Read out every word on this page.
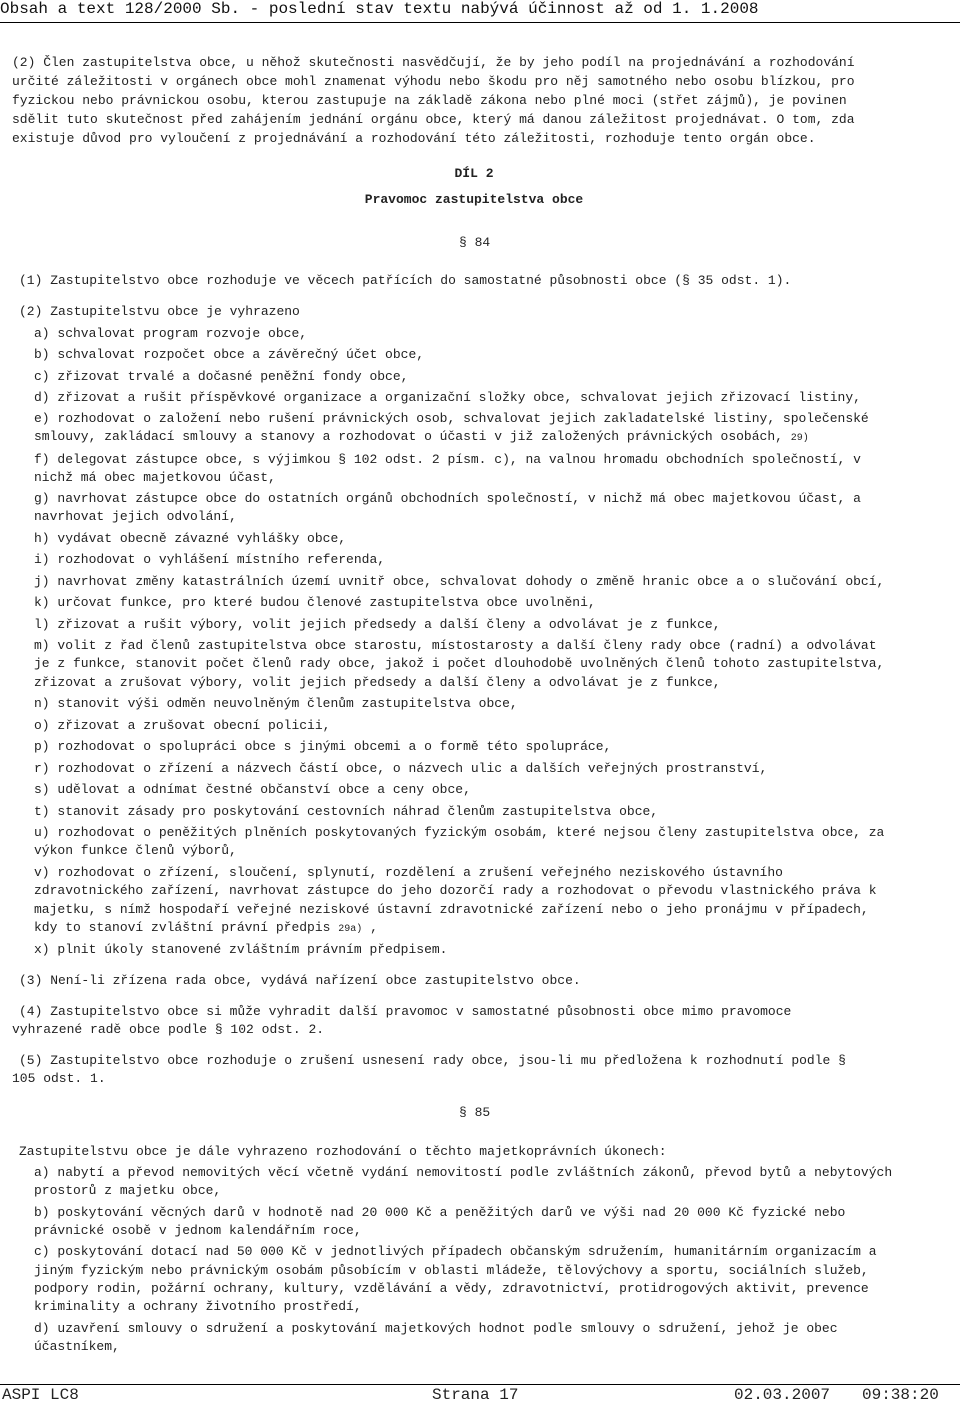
Obsah a text 128/2000 Sb. - poslední stav textu nabývá účinnost až od 1. 1.2008
(2) Člen zastupitelstva obce, u něhož skutečnosti nasvědčují, že by jeho podíl na projednávání a rozhodování
určité záležitosti v orgánech obce mohl znamenat výhodu nebo škodu pro něj samotného nebo osobu blízkou, pro
fyzickou nebo právnickou osobu, kterou zastupuje na základě zákona nebo plné moci (střet zájmů), je povinen
sdělit tuto skutečnost před zahájením jednání orgánu obce, který má danou záležitost projednávat. O tom, zda
existuje důvod pro vyloučení z projednávání a rozhodování této záležitosti, rozhoduje tento orgán obce.
DÍL 2
Pravomoc zastupitelstva obce
§ 84
(1) Zastupitelstvo obce rozhoduje ve věcech patřících do samostatné působnosti obce (§ 35 odst. 1).
(2) Zastupitelstvu obce je vyhrazeno
a) schvalovat program rozvoje obce,
b) schvalovat rozpočet obce a závěrečný účet obce,
c) zřizovat trvalé a dočasné peněžní fondy obce,
d) zřizovat a rušit příspěvkové organizace a organizační složky obce, schvalovat jejich zřizovací listiny,
e) rozhodovat o založení nebo rušení právnických osob, schvalovat jejich zakladatelské listiny, společenské
smlouvy, zakládací smlouvy a stanovy a rozhodovat o účasti v již založených právnických osobách, 29)
f) delegovat zástupce obce, s výjimkou § 102 odst. 2 písm. c), na valnou hromadu obchodních společností, v
nichž má obec majetkovou účast,
g) navrhovat zástupce obce do ostatních orgánů obchodních společností, v nichž má obec majetkovou účast, a
navrhovat jejich odvolání,
h) vydávat obecně závazné vyhlášky obce,
i) rozhodovat o vyhlášení místního referenda,
j) navrhovat změny katastrálních území uvnitř obce, schvalovat dohody o změně hranic obce a o slučování obcí,
k) určovat funkce, pro které budou členové zastupitelstva obce uvolněni,
l) zřizovat a rušit výbory, volit jejich předsedy a další členy a odvolávat je z funkce,
m) volit z řad členů zastupitelstva obce starostu, místostarosty a další členy rady obce (radní) a odvolávat
je z funkce, stanovit počet členů rady obce, jakož i počet dlouhodobě uvolněných členů tohoto zastupitelstva,
zřizovat a zrušovat výbory, volit jejich předsedy a další členy a odvolávat je z funkce,
n) stanovit výši odměn neuvolněným členům zastupitelstva obce,
o) zřizovat a zrušovat obecní policii,
p) rozhodovat o spolupráci obce s jinými obcemi a o formě této spolupráce,
r) rozhodovat o zřízení a názvech částí obce, o názvech ulic a dalších veřejných prostranství,
s) udělovat a odnímat čestné občanství obce a ceny obce,
t) stanovit zásady pro poskytování cestovních náhrad členům zastupitelstva obce,
u) rozhodovat o peněžitých plněních poskytovaných fyzickým osobám, které nejsou členy zastupitelstva obce, za
výkon funkce členů výborů,
v) rozhodovat o zřízení, sloučení, splynutí, rozdělení a zrušení veřejného neziskového ústavního
zdravotnického zařízení, navrhovat zástupce do jeho dozorčí rady a rozhodovat o převodu vlastnického práva k
majetku, s nímž hospodaří veřejné neziskové ústavní zdravotnické zařízení nebo o jeho pronájmu v případech,
kdy to stanoví zvláštní právní předpis 29a) ,
x) plnit úkoly stanovené zvláštním právním předpisem.
(3) Není-li zřízena rada obce, vydává nařízení obce zastupitelstvo obce.
(4) Zastupitelstvo obce si může vyhradit další pravomoc v samostatné působnosti obce mimo pravomoce
vyhrazené radě obce podle § 102 odst. 2.
(5) Zastupitelstvo obce rozhoduje o zrušení usnesení rady obce, jsou-li mu předložena k rozhodnutí podle §
105 odst. 1.
§ 85
Zastupitelstvu obce je dále vyhrazeno rozhodování o těchto majetkoprávních úkonech:
a) nabytí a převod nemovitých věcí včetně vydání nemovitostí podle zvláštních zákonů, převod bytů a nebytových
prostorů z majetku obce,
b) poskytování věcných darů v hodnotě nad 20 000 Kč a peněžitých darů ve výši nad 20 000 Kč fyzické nebo
právnické osobě v jednom kalendářním roce,
c) poskytování dotací nad 50 000 Kč v jednotlivých případech občanským sdružením, humanitárním organizacím a
jiným fyzickým nebo právnickým osobám působícím v oblasti mládeže, tělovýchovy a sportu, sociálních služeb,
podpory rodin, požární ochrany, kultury, vzdělávání a vědy, zdravotnictví, protidrogových aktivit, prevence
kriminality a ochrany životního prostředí,
d) uzavření smlouvy o sdružení a poskytování majetkových hodnot podle smlouvy o sdružení, jehož je obec
účastníkem,
ASPI LC8	Strana 17	02.03.2007 09:38:20
